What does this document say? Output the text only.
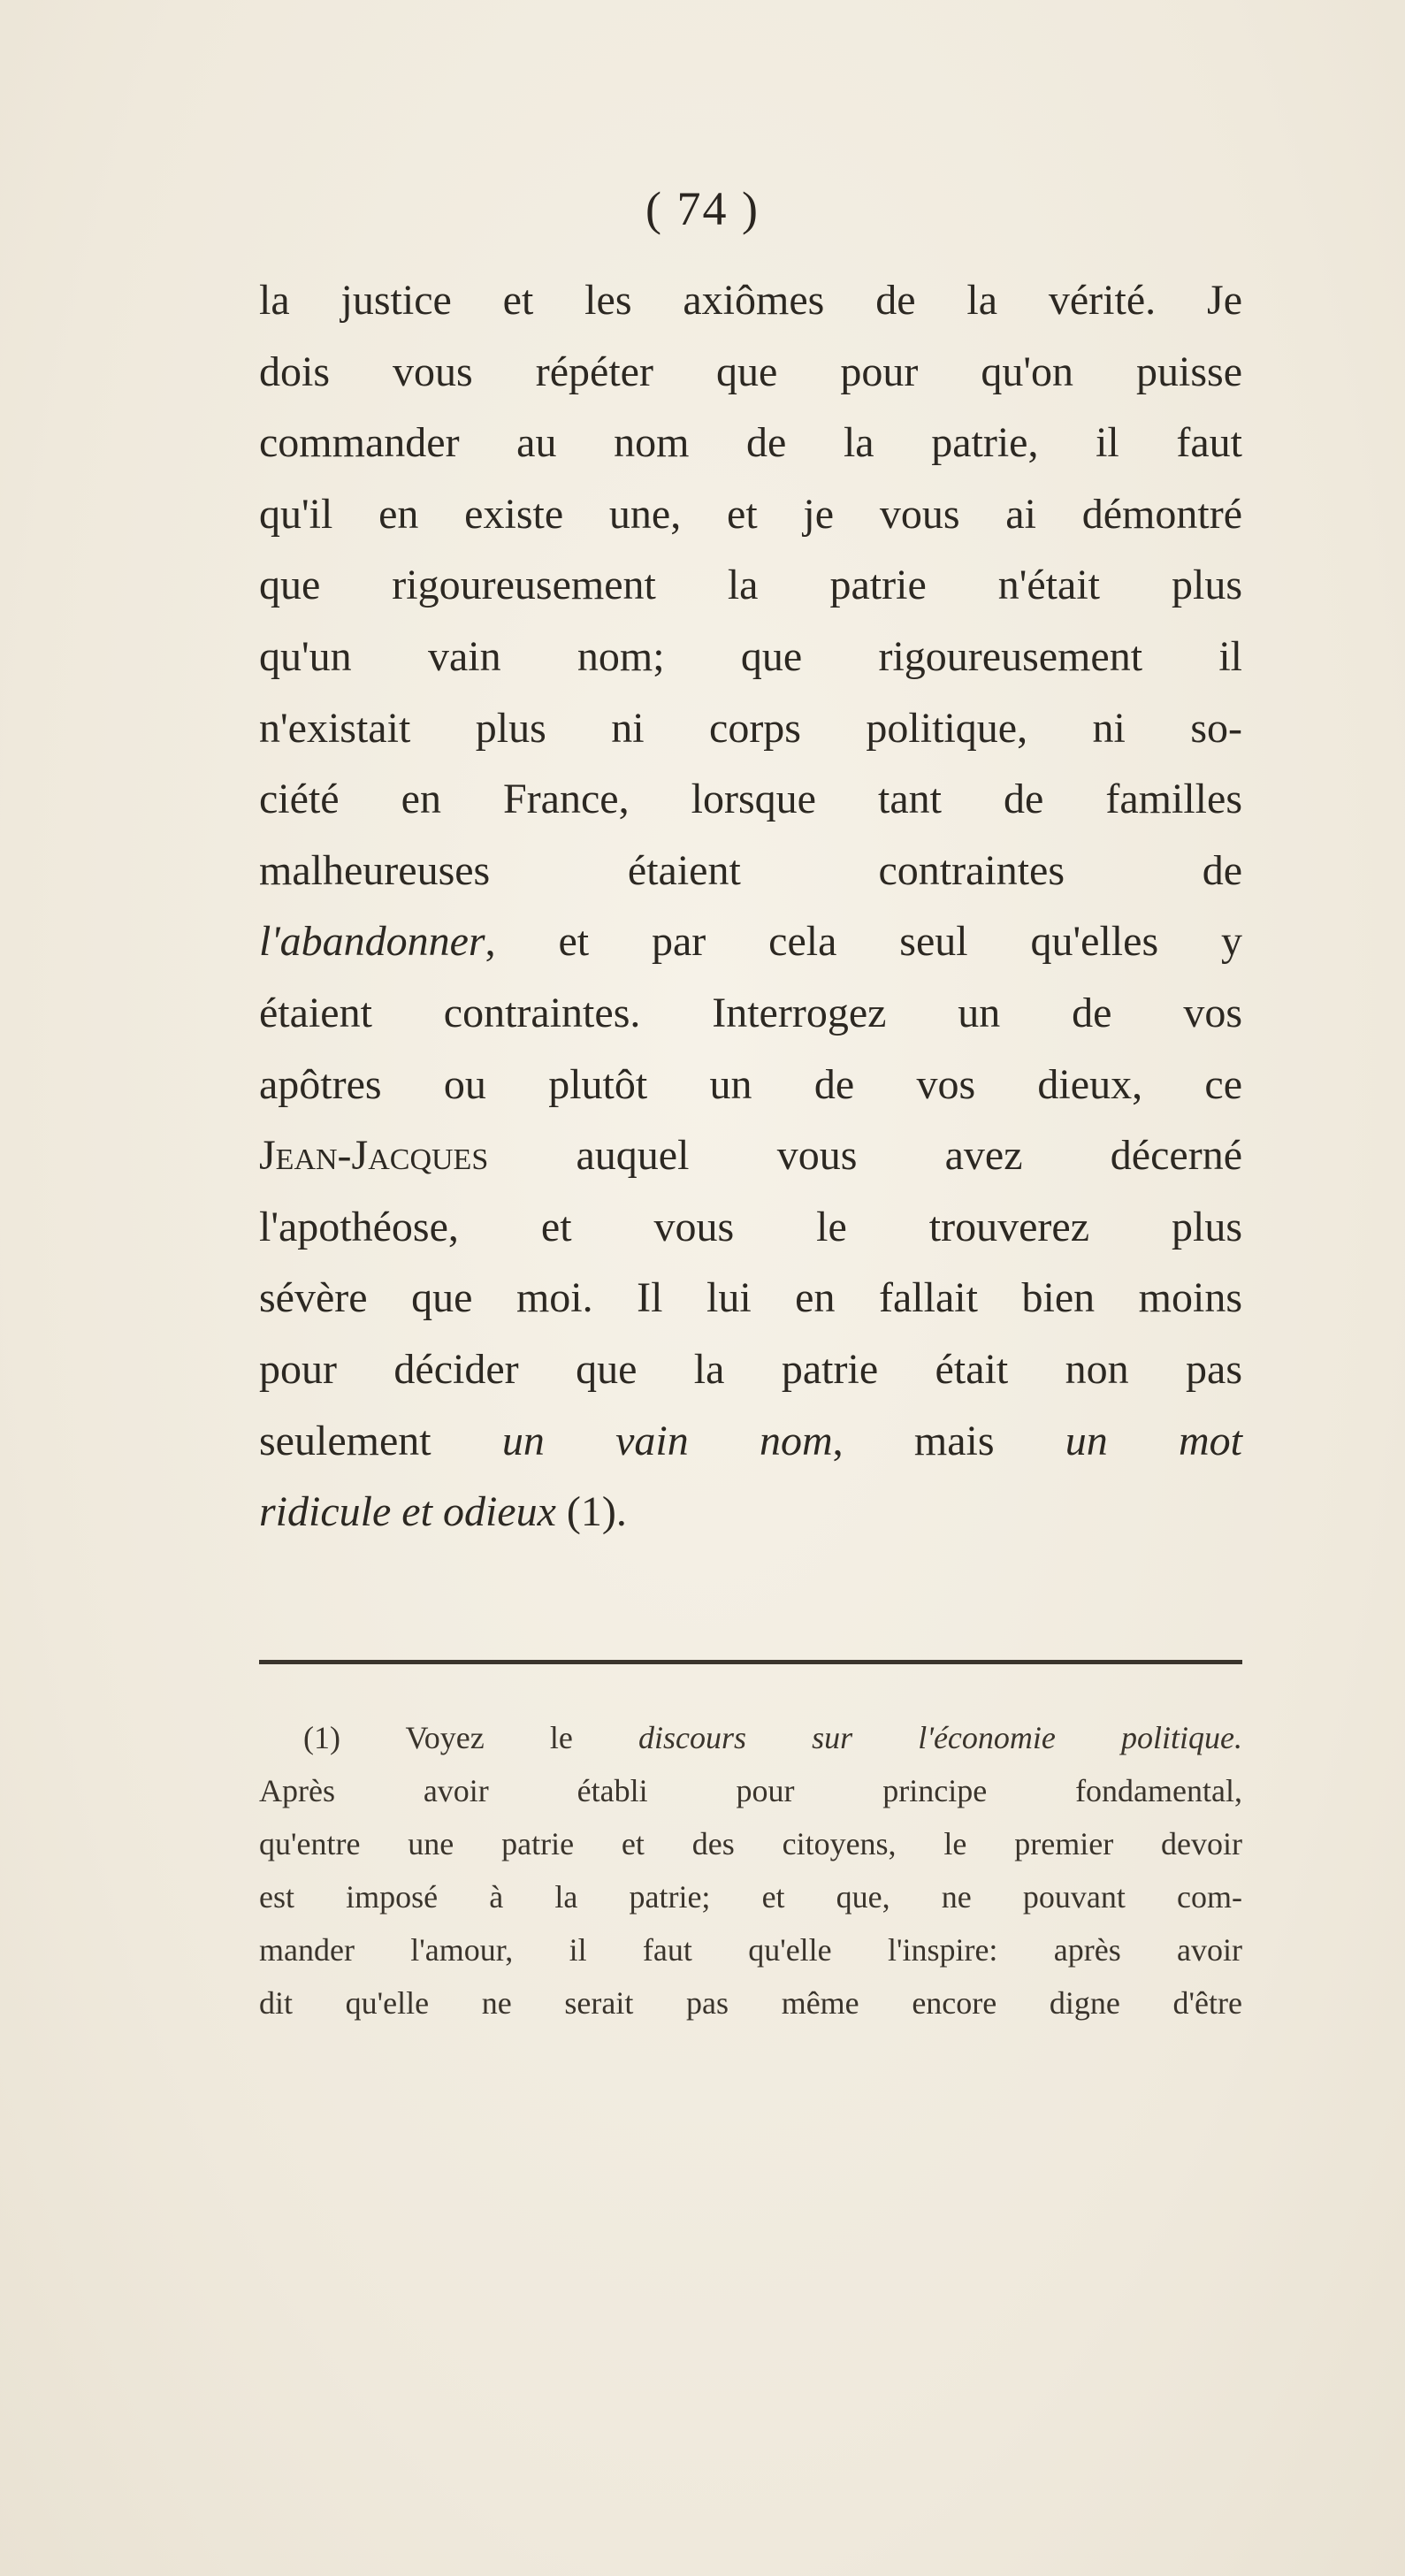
( 74 )
la justice et les axiômes de la vérité. Je
dois vous répéter que pour qu'on puisse
commander au nom de la patrie, il faut
qu'il en existe une, et je vous ai démontré
que rigoureusement la patrie n'était plus
qu'un vain nom; que rigoureusement il
n'existait plus ni corps politique, ni so-
ciété en France, lorsque tant de familles
malheureuses étaient contraintes de
l'abandonner, et par cela seul qu'elles y
étaient contraintes. Interrogez un de vos
apôtres ou plutôt un de vos dieux, ce
Jean-Jacques auquel vous avez décerné
l'apothéose, et vous le trouverez plus
sévère que moi. Il lui en fallait bien moins
pour décider que la patrie était non pas
seulement un vain nom, mais un mot
ridicule et odieux (1).
(1) Voyez le discours sur l'économie politique.
Après avoir établi pour principe fondamental,
qu'entre une patrie et des citoyens, le premier devoir
est imposé à la patrie; et que, ne pouvant com-
mander l'amour, il faut qu'elle l'inspire: après avoir
dit qu'elle ne serait pas même encore digne d'être
